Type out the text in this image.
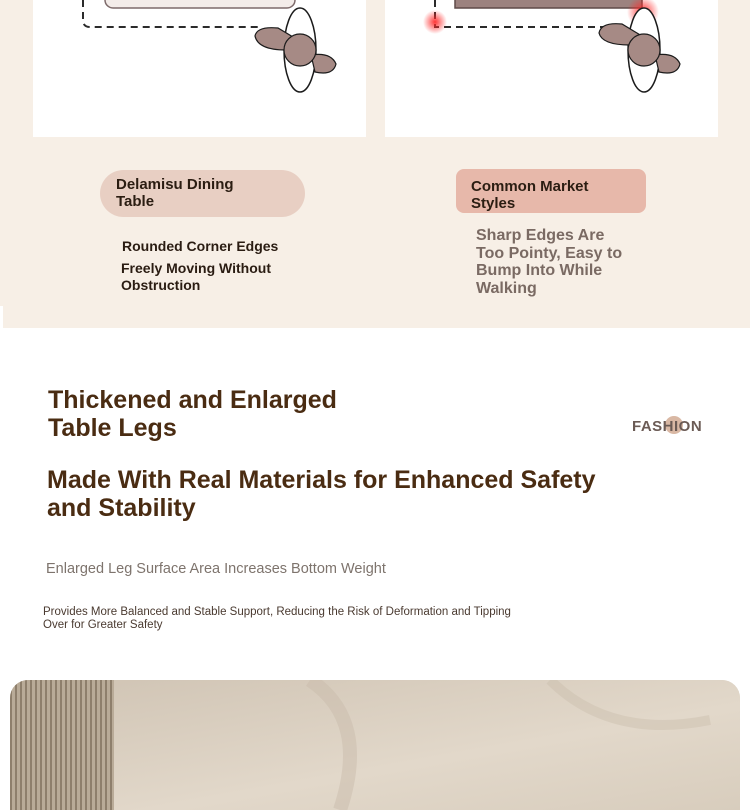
Delamisu Dining Table
Common Market Styles
Rounded Corner Edges
Freely Moving Without Obstruction
Sharp Edges Are Too Pointy, Easy to Bump Into While Walking
Thickened and Enlarged Table Legs	FASHION
Made With Real Materials for Enhanced Safety and Stability
Enlarged Leg Surface Area Increases Bottom Weight
Provides More Balanced and Stable Support, Reducing the Risk of Deformation and Tipping Over for Greater Safety
